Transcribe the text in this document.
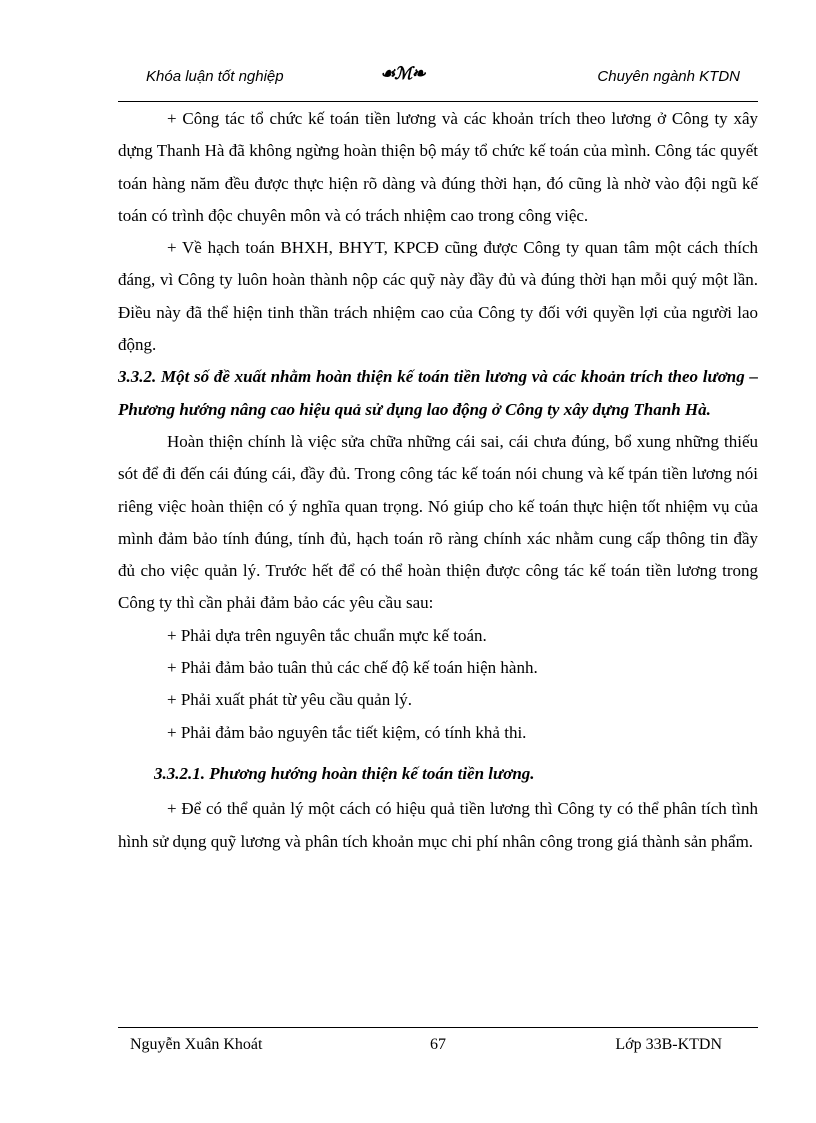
Khóa luận tốt nghiệp	☙ℳ❧	Chuyên ngành KTDN

+ Công tác tổ chức kế toán tiền lương và các khoản trích theo lương ở Công ty xây dựng Thanh Hà đã không ngừng hoàn thiện bộ máy tổ chức kế toán của mình. Công tác quyết toán hàng năm đều được thực hiện rõ dàng và đúng thời hạn, đó cũng là nhờ vào đội ngũ kế toán có trình độc chuyên môn và có trách nhiệm cao trong công việc.

+ Về hạch toán BHXH, BHYT, KPCĐ cũng được Công ty quan tâm một cách thích đáng, vì Công ty luôn hoàn thành nộp các quỹ này đầy đủ và đúng thời hạn mỗi quý một lần. Điều này đã thể hiện tinh thần trách nhiệm cao của Công ty đối với quyền lợi của người lao động.

3.3.2. Một số đề xuất nhằm hoàn thiện kế toán tiền lương và các khoản trích theo lương – Phương hướng nâng cao hiệu quả sử dụng lao động ở Công ty xây dựng Thanh Hà.

Hoàn thiện chính là việc sửa chữa những cái sai, cái chưa đúng, bổ xung những thiếu sót để đi đến cái đúng cái, đầy đủ. Trong công tác kế toán nói chung và kế tpán tiền lương nói riêng việc hoàn thiện có ý nghĩa quan trọng. Nó giúp cho kế toán thực hiện tốt nhiệm vụ của mình đảm bảo tính đúng, tính đủ, hạch toán rõ ràng chính xác nhằm cung cấp thông tin đầy đủ cho việc quản lý. Trước hết để có thể hoàn thiện được công tác kế toán tiền lương trong Công ty thì cần phải đảm bảo các yêu cầu sau:

+ Phải dựa trên nguyên tắc chuẩn mực kế toán.

+ Phải đảm bảo tuân thủ các chế độ kế toán hiện hành.

+ Phải xuất phát từ yêu cầu quản lý.

+ Phải đảm bảo nguyên tắc tiết kiệm, có tính khả thi.

3.3.2.1. Phương hướng hoàn thiện kế toán tiền lương.

+ Để có thể quản lý một cách có hiệu quả tiền lương thì Công ty có thể phân tích tình hình sử dụng quỹ lương và phân tích khoản mục chi phí nhân công trong giá thành sản phẩm.

Nguyễn Xuân Khoát	67	Lớp 33B-KTDN
